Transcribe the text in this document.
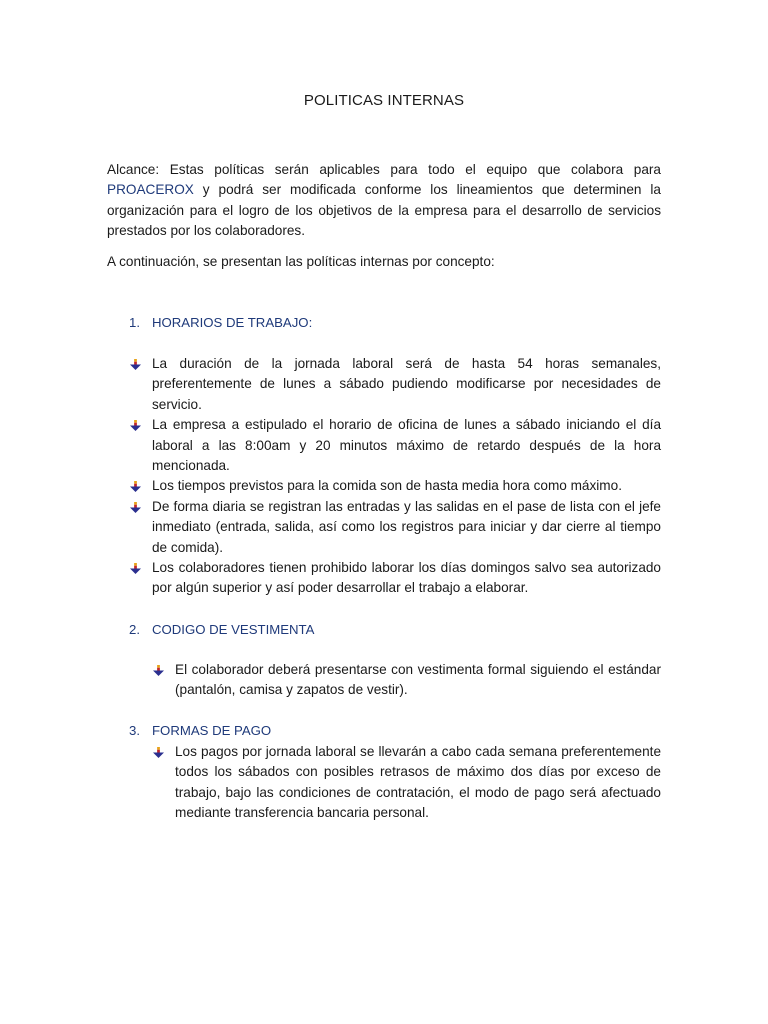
POLITICAS INTERNAS
Alcance: Estas políticas serán aplicables para todo el equipo que colabora para PROACEROX y podrá ser modificada conforme los lineamientos que determinen la organización para el logro de los objetivos de la empresa para el desarrollo de servicios prestados por los colaboradores.
A continuación, se presentan las políticas internas por concepto:
1. HORARIOS DE TRABAJO:
La duración de la jornada laboral será de hasta 54 horas semanales, preferentemente de lunes a sábado pudiendo modificarse por necesidades de servicio.
La empresa a estipulado el horario de oficina de lunes a sábado iniciando el día laboral a las 8:00am y 20 minutos máximo de retardo después de la hora mencionada.
Los tiempos previstos para la comida son de hasta media hora como máximo.
De forma diaria se registran las entradas y las salidas en el pase de lista con el jefe inmediato (entrada, salida, así como los registros para iniciar y dar cierre al tiempo de comida).
Los colaboradores tienen prohibido laborar los días domingos salvo sea autorizado por algún superior y así poder desarrollar el trabajo a elaborar.
2. CODIGO DE VESTIMENTA
El colaborador deberá presentarse con vestimenta formal siguiendo el estándar (pantalón, camisa y zapatos de vestir).
3. FORMAS DE PAGO
Los pagos por jornada laboral se llevarán a cabo cada semana preferentemente todos los sábados con posibles retrasos de máximo dos días por exceso de trabajo, bajo las condiciones de contratación, el modo de pago será afectuado mediante transferencia bancaria personal.
